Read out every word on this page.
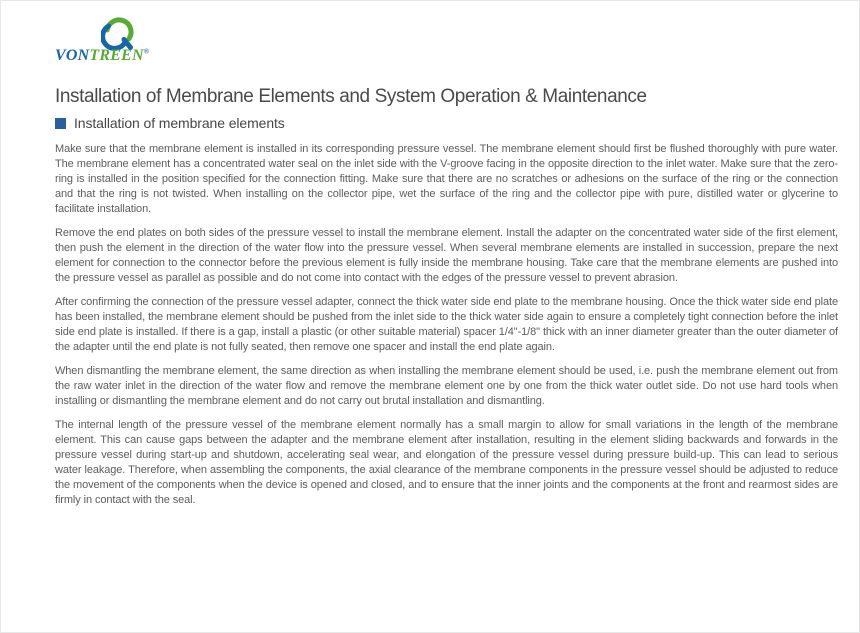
VONTREEN®
Installation of Membrane Elements and System Operation & Maintenance
Installation of membrane elements

Make sure that the membrane element is installed in its corresponding pressure vessel. The membrane element should first be flushed thoroughly with pure water. The membrane element has a concentrated water seal on the inlet side with the V-groove facing in the opposite direction to the inlet water. Make sure that the zero-ring is installed in the position specified for the connection fitting. Make sure that there are no scratches or adhesions on the surface of the ring or the connection and that the ring is not twisted. When installing on the collector pipe, wet the surface of the ring and the collector pipe with pure, distilled water or glycerine to facilitate installation.

Remove the end plates on both sides of the pressure vessel to install the membrane element. Install the adapter on the concentrated water side of the first element, then push the element in the direction of the water flow into the pressure vessel. When several membrane elements are installed in succession, prepare the next element for connection to the connector before the previous element is fully inside the membrane housing. Take care that the membrane elements are pushed into the pressure vessel as parallel as possible and do not come into contact with the edges of the pressure vessel to prevent abrasion.

After confirming the connection of the pressure vessel adapter, connect the thick water side end plate to the membrane housing. Once the thick water side end plate has been installed, the membrane element should be pushed from the inlet side to the thick water side again to ensure a completely tight connection before the inlet side end plate is installed. If there is a gap, install a plastic (or other suitable material) spacer 1/4"-1/8" thick with an inner diameter greater than the outer diameter of the adapter until the end plate is not fully seated, then remove one spacer and install the end plate again.

When dismantling the membrane element, the same direction as when installing the membrane element should be used, i.e. push the membrane element out from the raw water inlet in the direction of the water flow and remove the membrane element one by one from the thick water outlet side. Do not use hard tools when installing or dismantling the membrane element and do not carry out brutal installation and dismantling.

The internal length of the pressure vessel of the membrane element normally has a small margin to allow for small variations in the length of the membrane element. This can cause gaps between the adapter and the membrane element after installation, resulting in the element sliding backwards and forwards in the pressure vessel during start-up and shutdown, accelerating seal wear, and elongation of the pressure vessel during pressure build-up. This can lead to serious water leakage. Therefore, when assembling the components, the axial clearance of the membrane components in the pressure vessel should be adjusted to reduce the movement of the components when the device is opened and closed, and to ensure that the inner joints and the components at the front and rearmost sides are firmly in contact with the seal.
